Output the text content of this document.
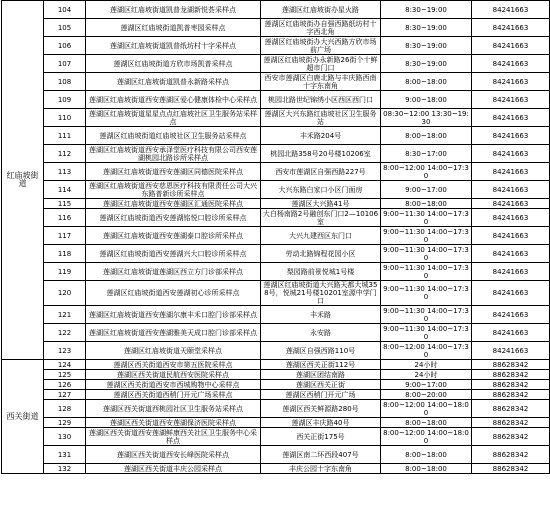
红庙坡街道	104	莲湖区红庙坡街道凯普龙湖新悦荟采样点	莲湖区红庙坡街办星火路	8:30~19:00	84241663
	105	莲湖区红庙坡街道凯普枣园采样点	莲湖区红庙坡街办自强西路纸坊村十字西北角	8:30~19:00	84241663
	106	莲湖区红庙坡街道凯普纸坊村十字采样点	莲湖区红庙坡街办大兴西路方欣市场前广场	8:30~19:00	84241663
	107	莲湖区红庙坡街道方欣市场凯普采样点	莲湖区红庙坡街办永新路26街个十鲜超市门口	8:30~19:00	84241663
	108	莲湖区红庙坡街道凯普永新路采样点	西安市莲湖区白鹿北路与丰庆路西南十字东南角	8:00~18:00	84241663
	109	莲湖区红庙坡街道西安莲湖区爱心健康体检中心采样点	桃园北路世纪锦绣小区西区西门口	9:00~18:00	84241663
	110	莲湖区红庙坡街道星星点点红庙坡社区卫生服务站采样点	莲湖区大兴东路红庙坡社区卫生服务站	08:30~12:00 13:30~19:30	84241663
	111	莲湖区红庙坡街道红庙坡社区卫生服务站采样点	丰禾路204号	8:00~18:00	84241663
	112	莲湖区红庙坡街道西安承泽堂医疗科技有限公司西安莲湖桃园北路诊所采样点	桃园北路358号20号楼10206室	8:30~17:00	84241663
	113	莲湖区红庙坡街道西安莲湖区同德医院采样点	西安市莲湖区自强西路227号	8:00~12:00 14:00~17:30	84241663
	114	莲湖区红庙坡街道西安慈恩医疗科技有限责任公司大兴东路普新诊所采样点	大兴东路白家口小区门面房	9:00~17:00	84241663
	115	莲湖区红庙坡街道西安莲湖区汇通医院采样点	莲湖区大兴路41号	8:00~18:00	84241663
	116	莲湖区红庙坡街道西安莲湖铭悦口腔诊所采样点	大白杨南路2号融创东门口2—10106室	9:00~11:30 14:00~17:30	84241663
	117	莲湖区红庙坡街道西安莲湖泰口腔诊所采样点	大兴九建西区东门口	9:00~11:30 14:00~17:30	84241663
	118	莲湖区红庙坡街道西安莲湖兴大口腔诊所采样点	劳动北路锦程花园小区	9:00~11:30 14:00~17:30	84241663
	119	莲湖区红庙坡街道莲湖区西立方门诊部采样点	梨园路前景悦城1号楼	9:00~11:30 14:00~17:30	84241663
	120	莲湖区红庙坡街道西安莲湖初心诊所采样点	莲湖区红庙坡街道大兴路天都大城358号，悦城21号楼10201室源中学门口	9:00~11:30 14:00~17:30	84241663
	121	莲湖区红庙坡街道西安莲湖尔康丰禾口腔门诊部采样点	丰禾路	9:00~11:30 14:00~17:30	84241663
	122	莲湖区红庙坡街道西安莲湖雅美天成口腔门诊部采样点	永安路	9:00~11:30 14:00~17:30	84241663
	123	莲湖区红庙坡街道天颐堂采样点	莲湖区自强西路110号	8:00~12:00 14:00~17:30	84241663
西关街道	124	莲湖区西关街道西安市第五医院采样点	莲湖区西关正街112号	24小时	88628342
	125	莲湖区西关街道民航西安医院采样点	莲湖区团结南路	24小时	88628342
	126	莲湖区西关街道西安市西城购物中心采样点	莲湖区西关正街	9:00~17:00	88628342
	127	莲湖区西关街道西稍门开元广场采样点	莲湖区西稍门开元广场	8:00~20:00	88628342
	128	莲湖区西关街道西桃园社区卫生服务站采样点	莲湖区西关鲜源路280号	8:00~12:00 14:00~18:00	88628342
	129	莲湖区西关街道西安莲湖保济医院采样点	莲湖区丰庆路40号	8:00~18:00	88628342
	130	莲湖区西关街道西安莲湖鲜康西关社区卫生服务中心采样点	西关正街175号	8:00~12:00 14:00~18:00	88628342
	131	莲湖区西关街道西安长峰医院采样点	莲湖区南二环西段407号	8:00~18:00	88628342
	132	莲湖区西关街道丰庆公园采样点	丰庆公园十字东南角	8:00~18:00	88628342
